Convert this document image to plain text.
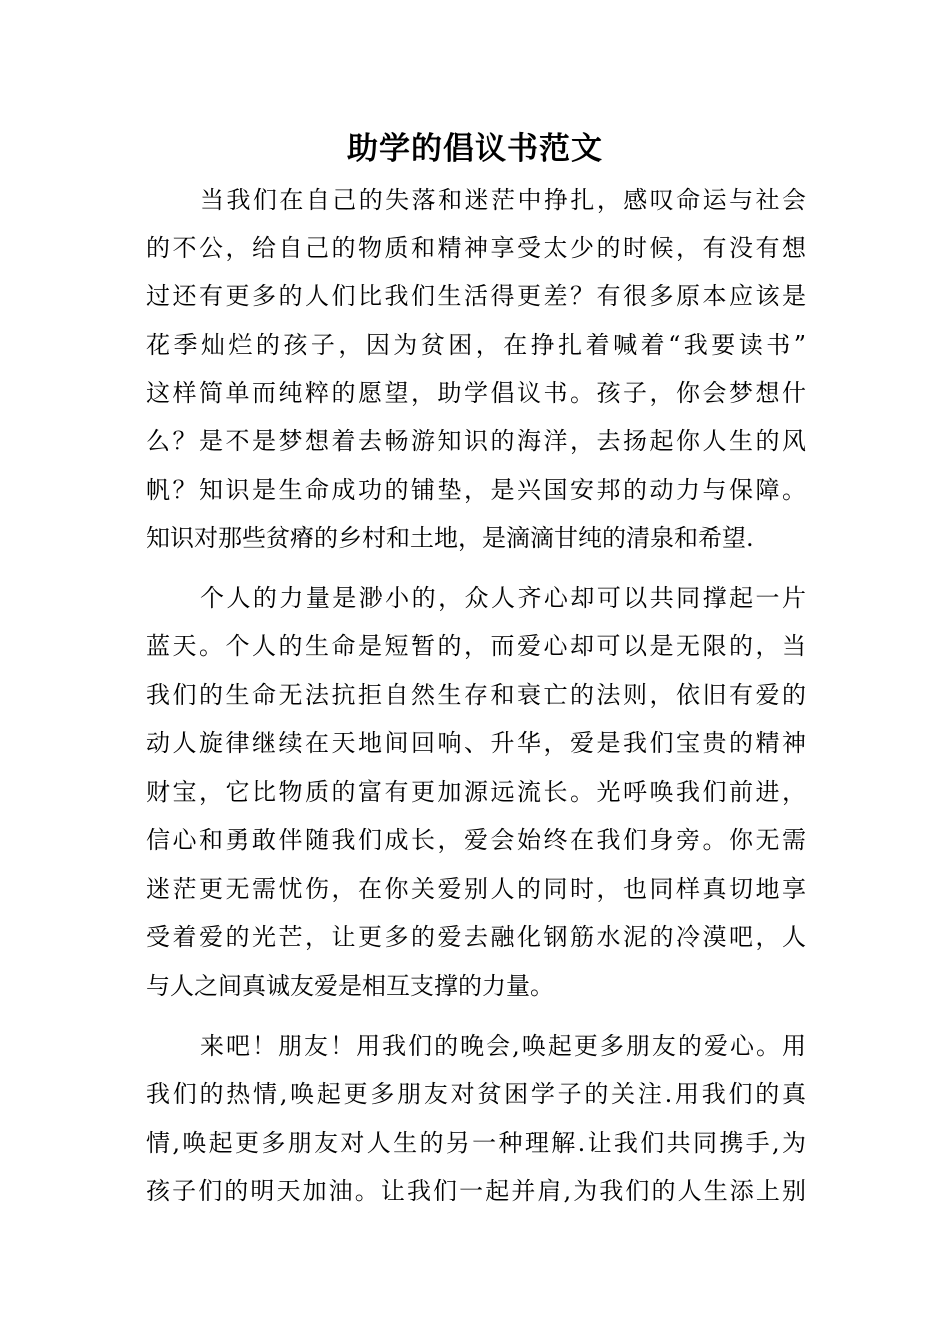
助学的倡议书范文
当我们在自己的失落和迷茫中挣扎，感叹命运与社会
的不公，给自己的物质和精神享受太少的时候，有没有想
过还有更多的人们比我们生活得更差？有很多原本应该是
花季灿烂的孩子，因为贫困，在挣扎着喊着“我要读书”
这样简单而纯粹的愿望，助学倡议书。孩子，你会梦想什
么？是不是梦想着去畅游知识的海洋，去扬起你人生的风
帆？知识是生命成功的铺垫，是兴国安邦的动力与保障。
知识对那些贫瘠的乡村和土地，是滴滴甘纯的清泉和希望.
个人的力量是渺小的，众人齐心却可以共同撑起一片
蓝天。个人的生命是短暂的，而爱心却可以是无限的，当
我们的生命无法抗拒自然生存和衰亡的法则，依旧有爱的
动人旋律继续在天地间回响、升华，爱是我们宝贵的精神
财宝，它比物质的富有更加源远流长。光呼唤我们前进，
信心和勇敢伴随我们成长，爱会始终在我们身旁。你无需
迷茫更无需忧伤，在你关爱别人的同时，也同样真切地享
受着爱的光芒，让更多的爱去融化钢筋水泥的冷漠吧，人
与人之间真诚友爱是相互支撑的力量。
来吧！朋友！用我们的晚会,唤起更多朋友的爱心。用
我们的热情,唤起更多朋友对贫困学子的关注.用我们的真
情,唤起更多朋友对人生的另一种理解.让我们共同携手,为
孩子们的明天加油。让我们一起并肩,为我们的人生添上别
